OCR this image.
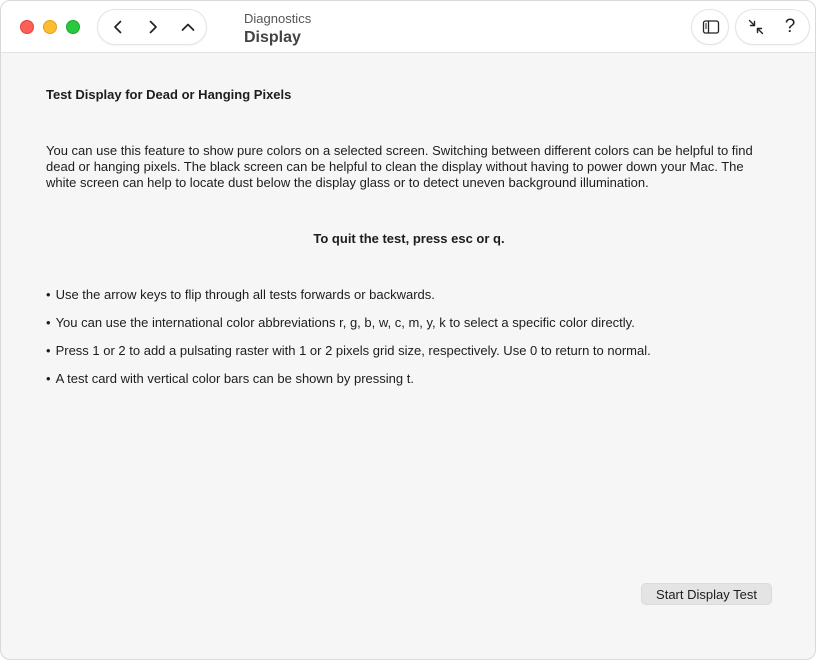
Diagnostics
Display
?
Test Display for Dead or Hanging Pixels

You can use this feature to show pure colors on a selected screen. Switching between different colors can be helpful to find dead or hanging pixels. The black screen can be helpful to clean the display without having to power down your Mac. The white screen can help to locate dust below the display glass or to detect uneven background illumination.

To quit the test, press esc or q.
• Use the arrow keys to flip through all tests forwards or backwards.
• You can use the international color abbreviations r, g, b, w, c, m, y, k to select a specific color directly.
• Press 1 or 2 to add a pulsating raster with 1 or 2 pixels grid size, respectively. Use 0 to return to normal.
• A test card with vertical color bars can be shown by pressing t.
Start Display Test
